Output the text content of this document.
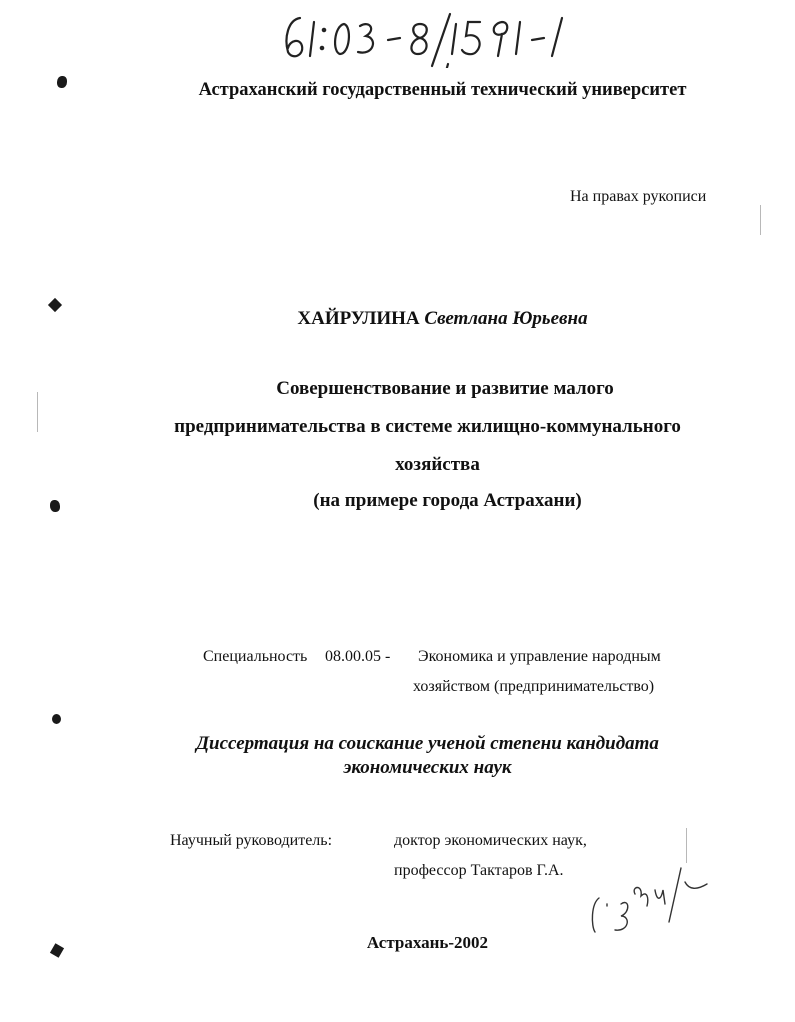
Астраханский государственный технический университет
На правах рукописи
ХАЙРУЛИНА Светлана Юрьевна
Совершенствование и развитие малого
предпринимательства в системе жилищно-коммунального
хозяйства
(на примере города Астрахани)
Специальность 08.00.05 - Экономика и управление народным
хозяйством (предпринимательство)
Диссертация на соискание ученой степени кандидата
экономических наук
Научный руководитель:	доктор экономических наук,
профессор Тактаров Г.А.
Астрахань-2002
